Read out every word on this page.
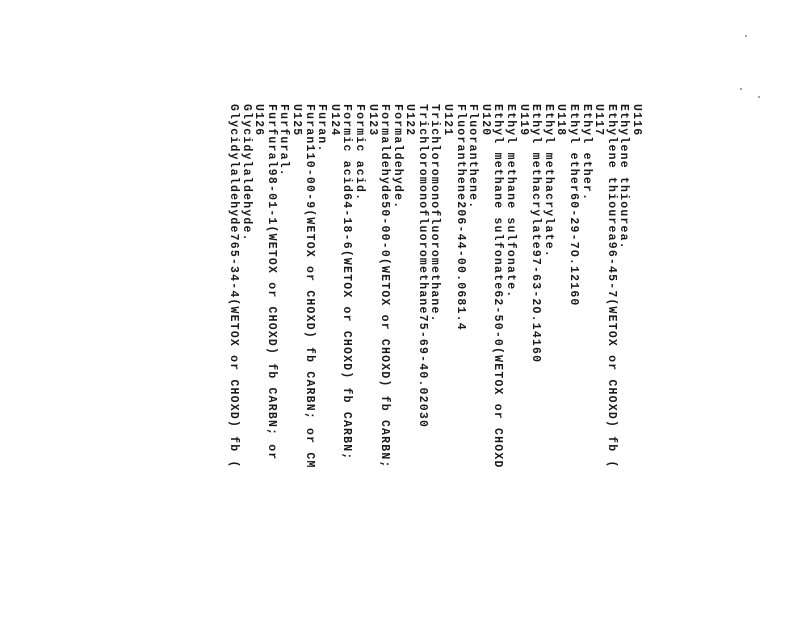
U116
Ethylene thiourea.
Ethylene thiourea96-45-7(WETOX or CHOXD) fb (
U117
Ethyl ether.
Ethyl ether60-29-7O.12160
U118
Ethyl methacrylate.
Ethyl methacrylate97-63-2O.14160
U119
Ethyl methane sulfonate.
Ethyl methane sulfonate62-50-0(WETOX or CHOXD
U120
Fluoranthene.
Fluoranthene206-44-00.0681.4
U121
Trichloromonofluoromethane.
Trichloromonofluoromethane75-69-40.02030
U122
Formaldehyde.
Formaldehyde50-00-0(WETOX or CHOXD) fb CARBN;
U123
Formic acid.
Formic acid64-18-6(WETOX or CHOXD) fb CARBN;
U124
Furan.
Furan110-00-9(WETOX or CHOXD) fb CARBN; or CM
U125
Furfural.
Furfural98-01-1(WETOX or CHOXD) fb CARBN; or
U126
Glycidylaldehyde.
Glycidylaldehyde765-34-4(WETOX or CHOXD) fb (
